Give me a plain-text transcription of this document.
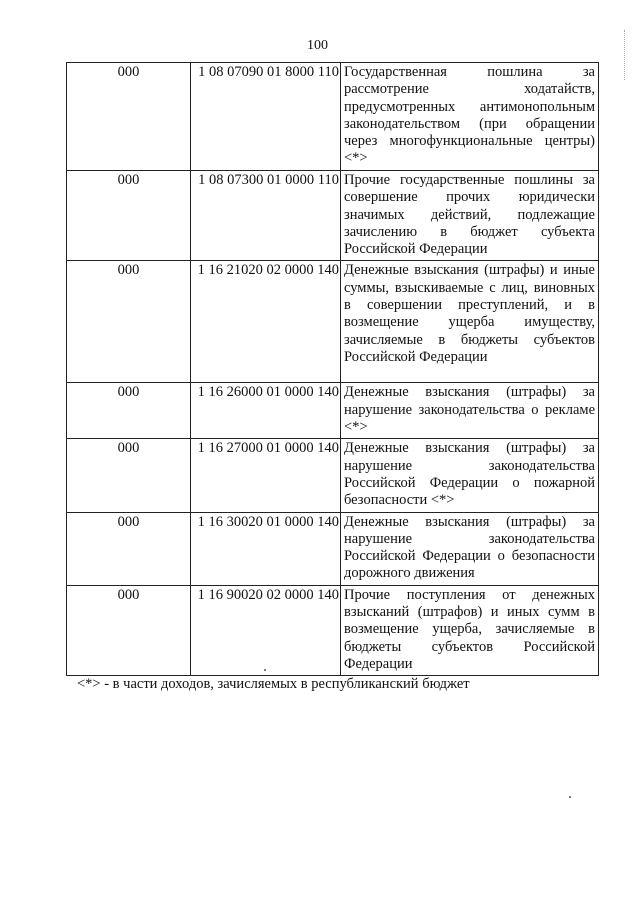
100
000	1 08 07090 01 8000 110	Государственная пошлина за рассмотрение ходатайств, предусмотренных антимонопольным законодательством (при обращении через многофункциональные центры) <*>
000	1 08 07300 01 0000 110	Прочие государственные пошлины за совершение прочих юридически значимых действий, подлежащие зачислению в бюджет субъекта Российской Федерации
000	1 16 21020 02 0000 140	Денежные взыскания (штрафы) и иные суммы, взыскиваемые с лиц, виновных в совершении преступлений, и в возмещение ущерба имуществу, зачисляемые в бюджеты субъектов Российской Федерации
000	1 16 26000 01 0000 140	Денежные взыскания (штрафы) за нарушение законодательства о рекламе <*>
000	1 16 27000 01 0000 140	Денежные взыскания (штрафы) за нарушение законодательства Российской Федерации о пожарной безопасности <*>
000	1 16 30020 01 0000 140	Денежные взыскания (штрафы) за нарушение законодательства Российской Федерации о безопасности дорожного движения
000	1 16 90020 02 0000 140	Прочие поступления от денежных взысканий (штрафов) и иных сумм в возмещение ущерба, зачисляемые в бюджеты субъектов Российской Федерации
<*> - в части доходов, зачисляемых в республиканский бюджет
